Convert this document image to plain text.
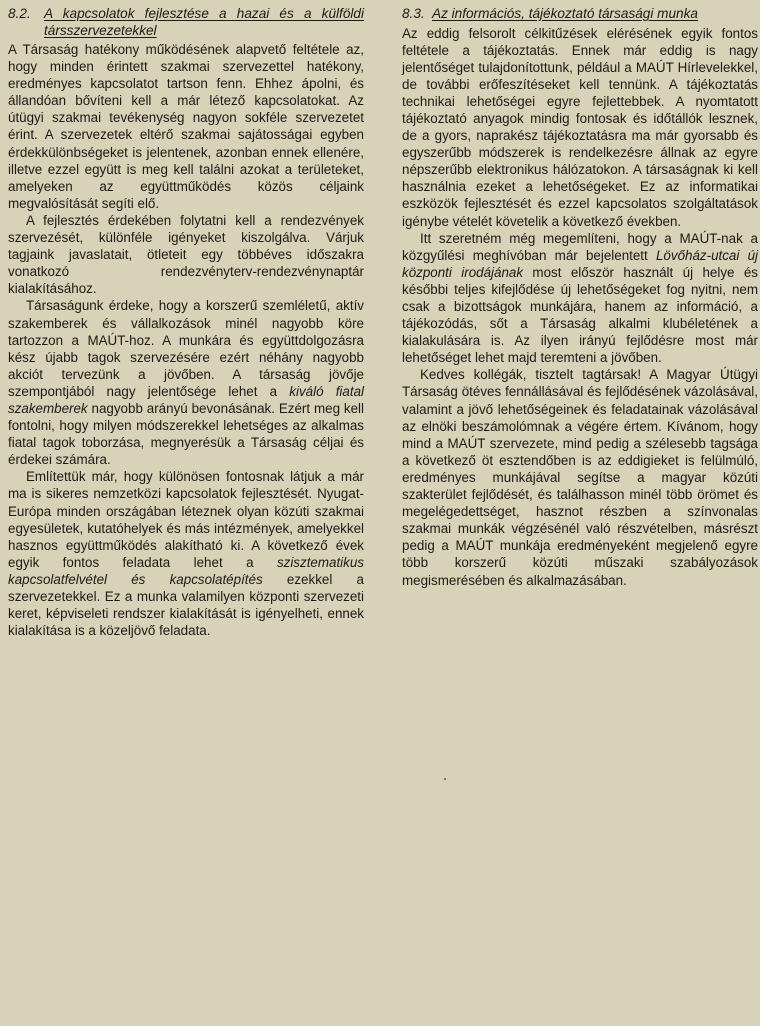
8.2. A kapcsolatok fejlesztése a hazai és a külföldi társszervezetekkel

A Társaság hatékony működésének alapvető feltétele az, hogy minden érintett szakmai szervezettel hatékony, eredményes kapcsolatot tartson fenn. Ehhez ápolni, és állandóan bővíteni kell a már létező kapcsolatokat. Az útügyi szakmai tevékenység nagyon sokféle szervezetet érint. A szervezetek eltérő szakmai sajátosságai egyben érdekkülönbségeket is jelentenek, azonban ennek ellenére, illetve ezzel együtt is meg kell találni azokat a területeket, amelyeken az együttműködés közös céljaink megvalósítását segíti elő.

A fejlesztés érdekében folytatni kell a rendezvények szervezését, különféle igényeket kiszolgálva. Várjuk tagjaink javaslatait, ötleteit egy többéves időszakra vonatkozó rendezvényterv-rendezvénynaptár kialakításához.

Társaságunk érdeke, hogy a korszerű szemléletű, aktív szakemberek és vállalkozások minél nagyobb köre tartozzon a MAÚT-hoz. A munkára és együttdolgozásra kész újabb tagok szervezésére ezért néhány nagyobb akciót tervezünk a jövőben. A társaság jövője szempontjából nagy jelentősége lehet a kiváló fiatal szakemberek nagyobb arányú bevonásának. Ezért meg kell fontolni, hogy milyen módszerekkel lehetséges az alkalmas fiatal tagok toborzása, megnyerésük a Társaság céljai és érdekei számára.

Említettük már, hogy különösen fontosnak látjuk a már ma is sikeres nemzetközi kapcsolatok fejlesztését. Nyugat-Európa minden országában léteznek olyan közúti szakmai egyesületek, kutatóhelyek és más intézmények, amelyekkel hasznos együttműködés alakítható ki. A következő évek egyik fontos feladata lehet a szisztematikus kapcsolatfelvétel és kapcsolatépítés ezekkel a szervezetekkel. Ez a munka valamilyen központi szervezeti keret, képviseleti rendszer kialakítását is igényelheti, ennek kialakítása is a közeljövő feladata.

8.3. Az információs, tájékoztató társasági munka

Az eddig felsorolt célkitűzések elérésének egyik fontos feltétele a tájékoztatás. Ennek már eddig is nagy jelentőséget tulajdonítottunk, például a MAÚT Hírlevelekkel, de további erőfeszítéseket kell tennünk. A tájékoztatás technikai lehetőségei egyre fejlettebbek. A nyomtatott tájékoztató anyagok mindig fontosak és időtállók lesznek, de a gyors, naprakész tájékoztatásra ma már gyorsabb és egyszerűbb módszerek is rendelkezésre állnak az egyre népszerűbb elektronikus hálózatokon. A társaságnak ki kell használnia ezeket a lehetőségeket. Ez az informatikai eszközök fejlesztését és ezzel kapcsolatos szolgáltatások igénybe vételét követelik a következő években.

Itt szeretném még megemlíteni, hogy a MAÚT-nak a közgyűlési meghívóban már bejelentett Lövőház-utcai új központi irodájának most először használt új helye és későbbi teljes kifejlődése új lehetőségeket fog nyitni, nem csak a bizottságok munkájára, hanem az információ, a tájékozódás, sőt a Társaság alkalmi klubéletének a kialakulására is. Az ilyen irányú fejlődésre most már lehetőséget lehet majd teremteni a jövőben.

Kedves kollégák, tisztelt tagtársak! A Magyar Útügyi Társaság ötéves fennállásával és fejlődésének vázolásával, valamint a jövő lehetőségeinek és feladatainak vázolásával az elnöki beszámolómnak a végére értem. Kívánom, hogy mind a MAÚT szervezete, mind pedig a szélesebb tagsága a következő öt esztendőben is az eddigieket is felülmúló, eredményes munkájával segítse a magyar közúti szakterület fejlődését, és találhasson minél több örömet és megelégedettséget, hasznot részben a színvonalas szakmai munkák végzésénél való részvételben, másrészt pedig a MAÚT munkája eredményeként megjelenő egyre több korszerű közúti műszaki szabályozások megismerésében és alkalmazásában.
